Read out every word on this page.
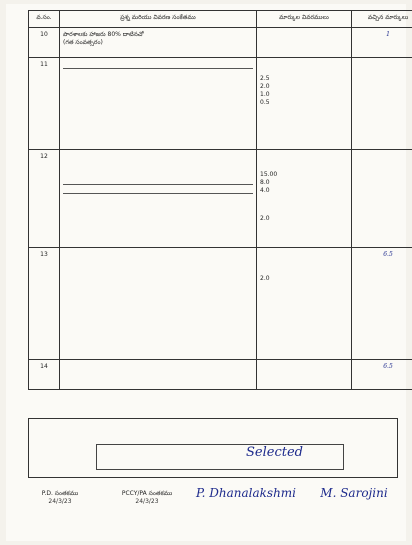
వ.సం.	ప్రశ్న మరియు వివరణ సంకేతము	మార్కుల వివరములు	వచ్చిన మార్కులు
10	పారశాలకు హాజరు 80% దాటినచో
(గత సంవత్సరం)		1
11		2.5
2.0
1.0
0.5	

12		15.00
8.0
4.0
2.0	

13		2.0	6.5
14			6.5
Selected
P.D. సంతకము
24/3/23
PCCY/PA సంతకము
24/3/23
P. Dhanalakshmi	M. Sarojini
